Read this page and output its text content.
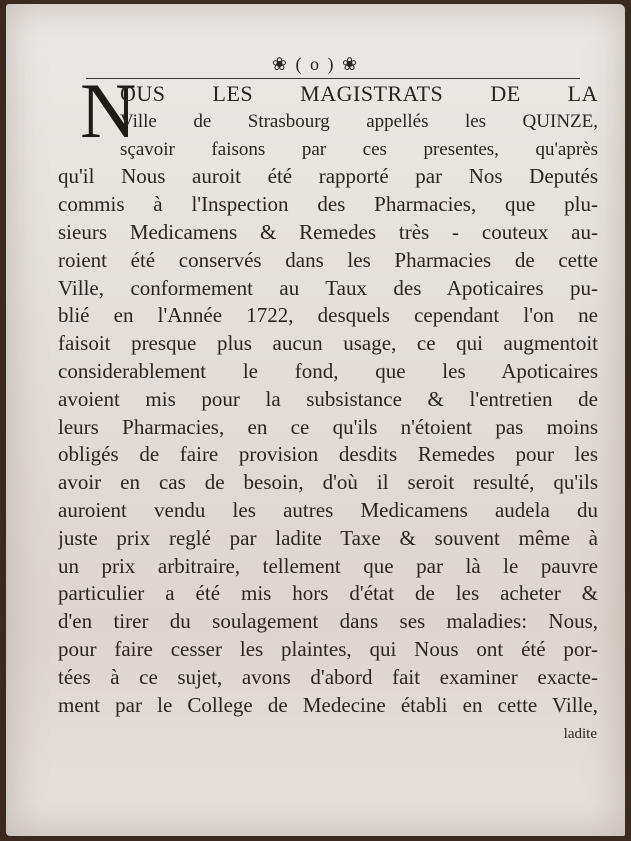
❀ ( o ) ❀
N
OUS LES MAGISTRATS DE LA
Ville de Strasbourg appellés les QUINZE,
sçavoir faisons par ces presentes, qu'après
qu'il Nous auroit été rapporté par Nos Deputés
commis à l'Inspection des Pharmacies, que plu-
sieurs Medicamens & Remedes très - couteux au-
roient été conservés dans les Pharmacies de cette
Ville, conformement au Taux des Apoticaires pu-
blié en l'Année 1722, desquels cependant l'on ne
faisoit presque plus aucun usage, ce qui augmentoit
considerablement le fond, que les Apoticaires
avoient mis pour la subsistance & l'entretien de
leurs Pharmacies, en ce qu'ils n'étoient pas moins
obligés de faire provision desdits Remedes pour les
avoir en cas de besoin, d'où il seroit resulté, qu'ils
auroient vendu les autres Medicamens audela du
juste prix reglé par ladite Taxe & souvent même à
un prix arbitraire, tellement que par là le pauvre
particulier a été mis hors d'état de les acheter &
d'en tirer du soulagement dans ses maladies: Nous,
pour faire cesser les plaintes, qui Nous ont été por-
tées à ce sujet, avons d'abord fait examiner exacte-
ment par le College de Medecine établi en cette Ville,
ladite
